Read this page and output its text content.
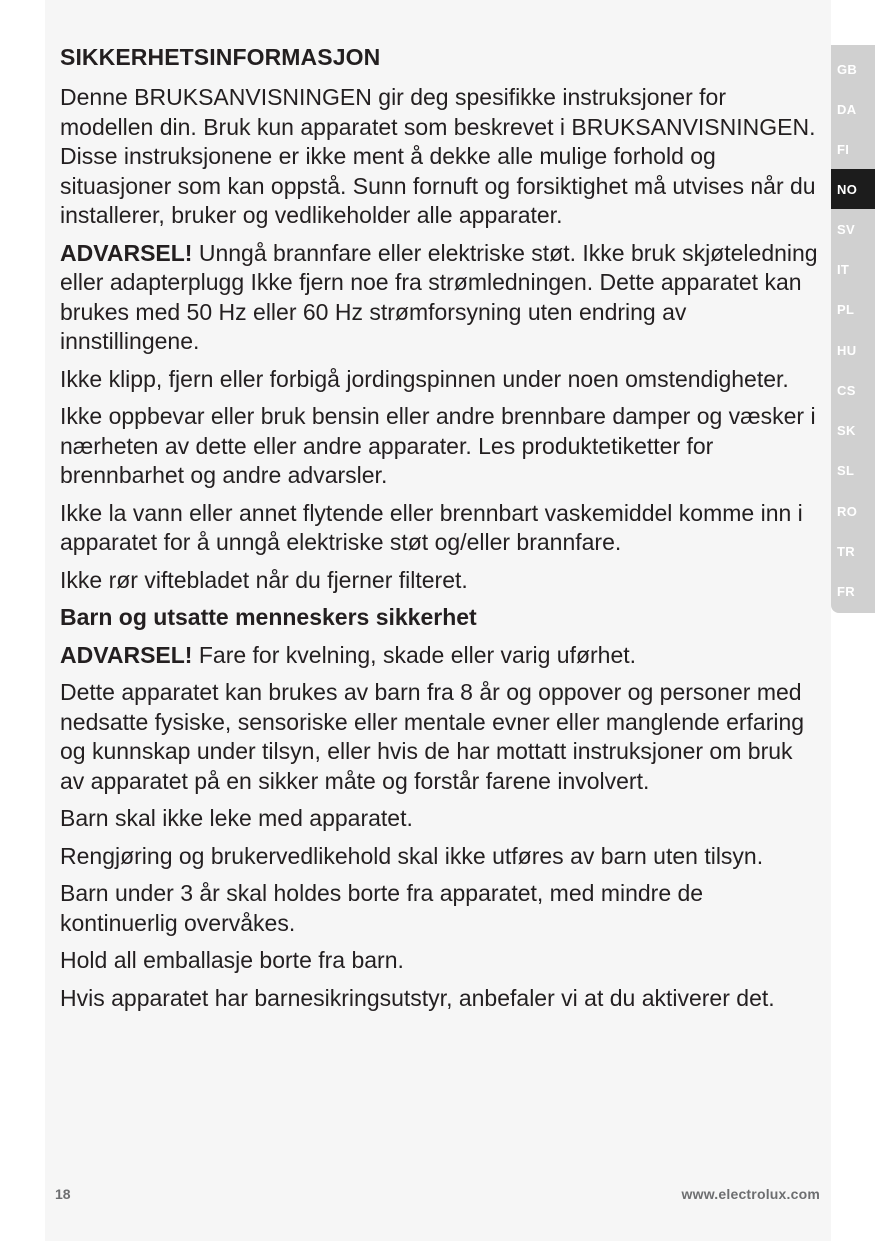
SIKKERHETSINFORMASJON

Denne BRUKSANVISNINGEN gir deg spesifikke instruksjoner for modellen din. Bruk kun apparatet som beskrevet i BRUKSANVISNINGEN. Disse instruksjonene er ikke ment å dekke alle mulige forhold og situasjoner som kan oppstå. Sunn fornuft og forsiktighet må utvises når du installerer, bruker og vedlikeholder alle apparater.

ADVARSEL! Unngå brannfare eller elektriske støt. Ikke bruk skjøteledning eller adapterplugg Ikke fjern noe fra strømledningen. Dette apparatet kan brukes med 50 Hz eller 60 Hz strømforsyning uten endring av innstillingene.

Ikke klipp, fjern eller forbigå jordingspinnen under noen omstendigheter.

Ikke oppbevar eller bruk bensin eller andre brennbare damper og væsker i nærheten av dette eller andre apparater. Les produktetiketter for brennbarhet og andre advarsler.

Ikke la vann eller annet flytende eller brennbart vaskemiddel komme inn i apparatet for å unngå elektriske støt og/eller brannfare.

Ikke rør viftebladet når du fjerner filteret.

Barn og utsatte menneskers sikkerhet

ADVARSEL! Fare for kvelning, skade eller varig uførhet.

Dette apparatet kan brukes av barn fra 8 år og oppover og personer med nedsatte fysiske, sensoriske eller mentale evner eller manglende erfaring og kunnskap under tilsyn, eller hvis de har mottatt instruksjoner om bruk av apparatet på en sikker måte og forstår farene involvert.

Barn skal ikke leke med apparatet.

Rengjøring og brukervedlikehold skal ikke utføres av barn uten tilsyn.

Barn under 3 år skal holdes borte fra apparatet, med mindre de kontinuerlig overvåkes.

Hold all emballasje borte fra barn.

Hvis apparatet har barnesikringsutstyr, anbefaler vi at du aktiverer det.

GB
DA
FI
NO
SV
IT
PL
HU
CS
SK
SL
RO
TR
FR
18	www.electrolux.com
